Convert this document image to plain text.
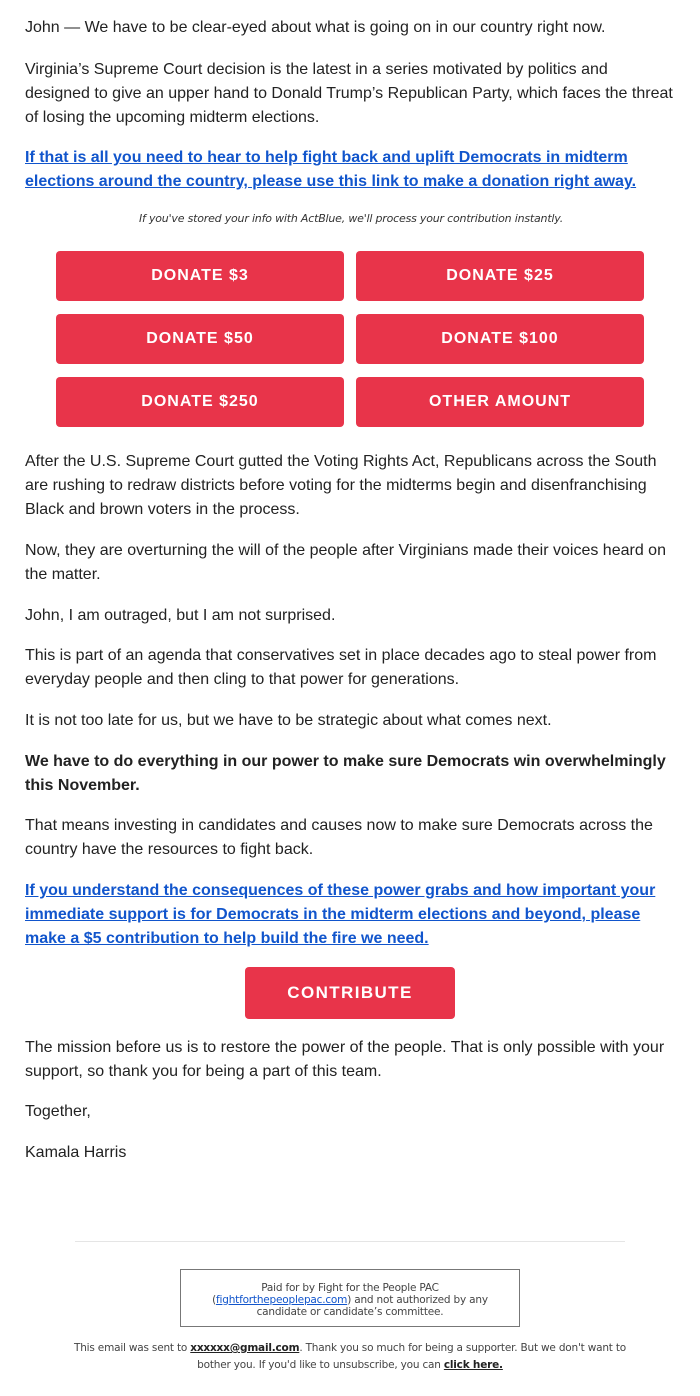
John — We have to be clear-eyed about what is going on in our country right now.

Virginia’s Supreme Court decision is the latest in a series motivated by politics and designed to give an upper hand to Donald Trump’s Republican Party, which faces the threat of losing the upcoming midterm elections.

If that is all you need to hear to help fight back and uplift Democrats in midterm elections around the country, please use this link to make a donation right away.

If you've stored your info with ActBlue, we'll process your contribution instantly.

DONATE $3	DONATE $25
DONATE $50	DONATE $100
DONATE $250	OTHER AMOUNT

After the U.S. Supreme Court gutted the Voting Rights Act, Republicans across the South are rushing to redraw districts before voting for the midterms begin and disenfranchising Black and brown voters in the process.

Now, they are overturning the will of the people after Virginians made their voices heard on the matter.

John, I am outraged, but I am not surprised.

This is part of an agenda that conservatives set in place decades ago to steal power from everyday people and then cling to that power for generations.

It is not too late for us, but we have to be strategic about what comes next.

We have to do everything in our power to make sure Democrats win overwhelmingly this November.

That means investing in candidates and causes now to make sure Democrats across the country have the resources to fight back.

If you understand the consequences of these power grabs and how important your immediate support is for Democrats in the midterm elections and beyond, please make a $5 contribution to help build the fire we need.
CONTRIBUTE

The mission before us is to restore the power of the people. That is only possible with your support, so thank you for being a part of this team.

Together,

Kamala Harris

Paid for by Fight for the People PAC
(fightforthepeoplepac.com) and not authorized by any candidate or candidate’s committee.
This email was sent to xxxxxx@gmail.com. Thank you so much for being a supporter. But we don't want to bother you. If you'd like to unsubscribe, you can click here.
